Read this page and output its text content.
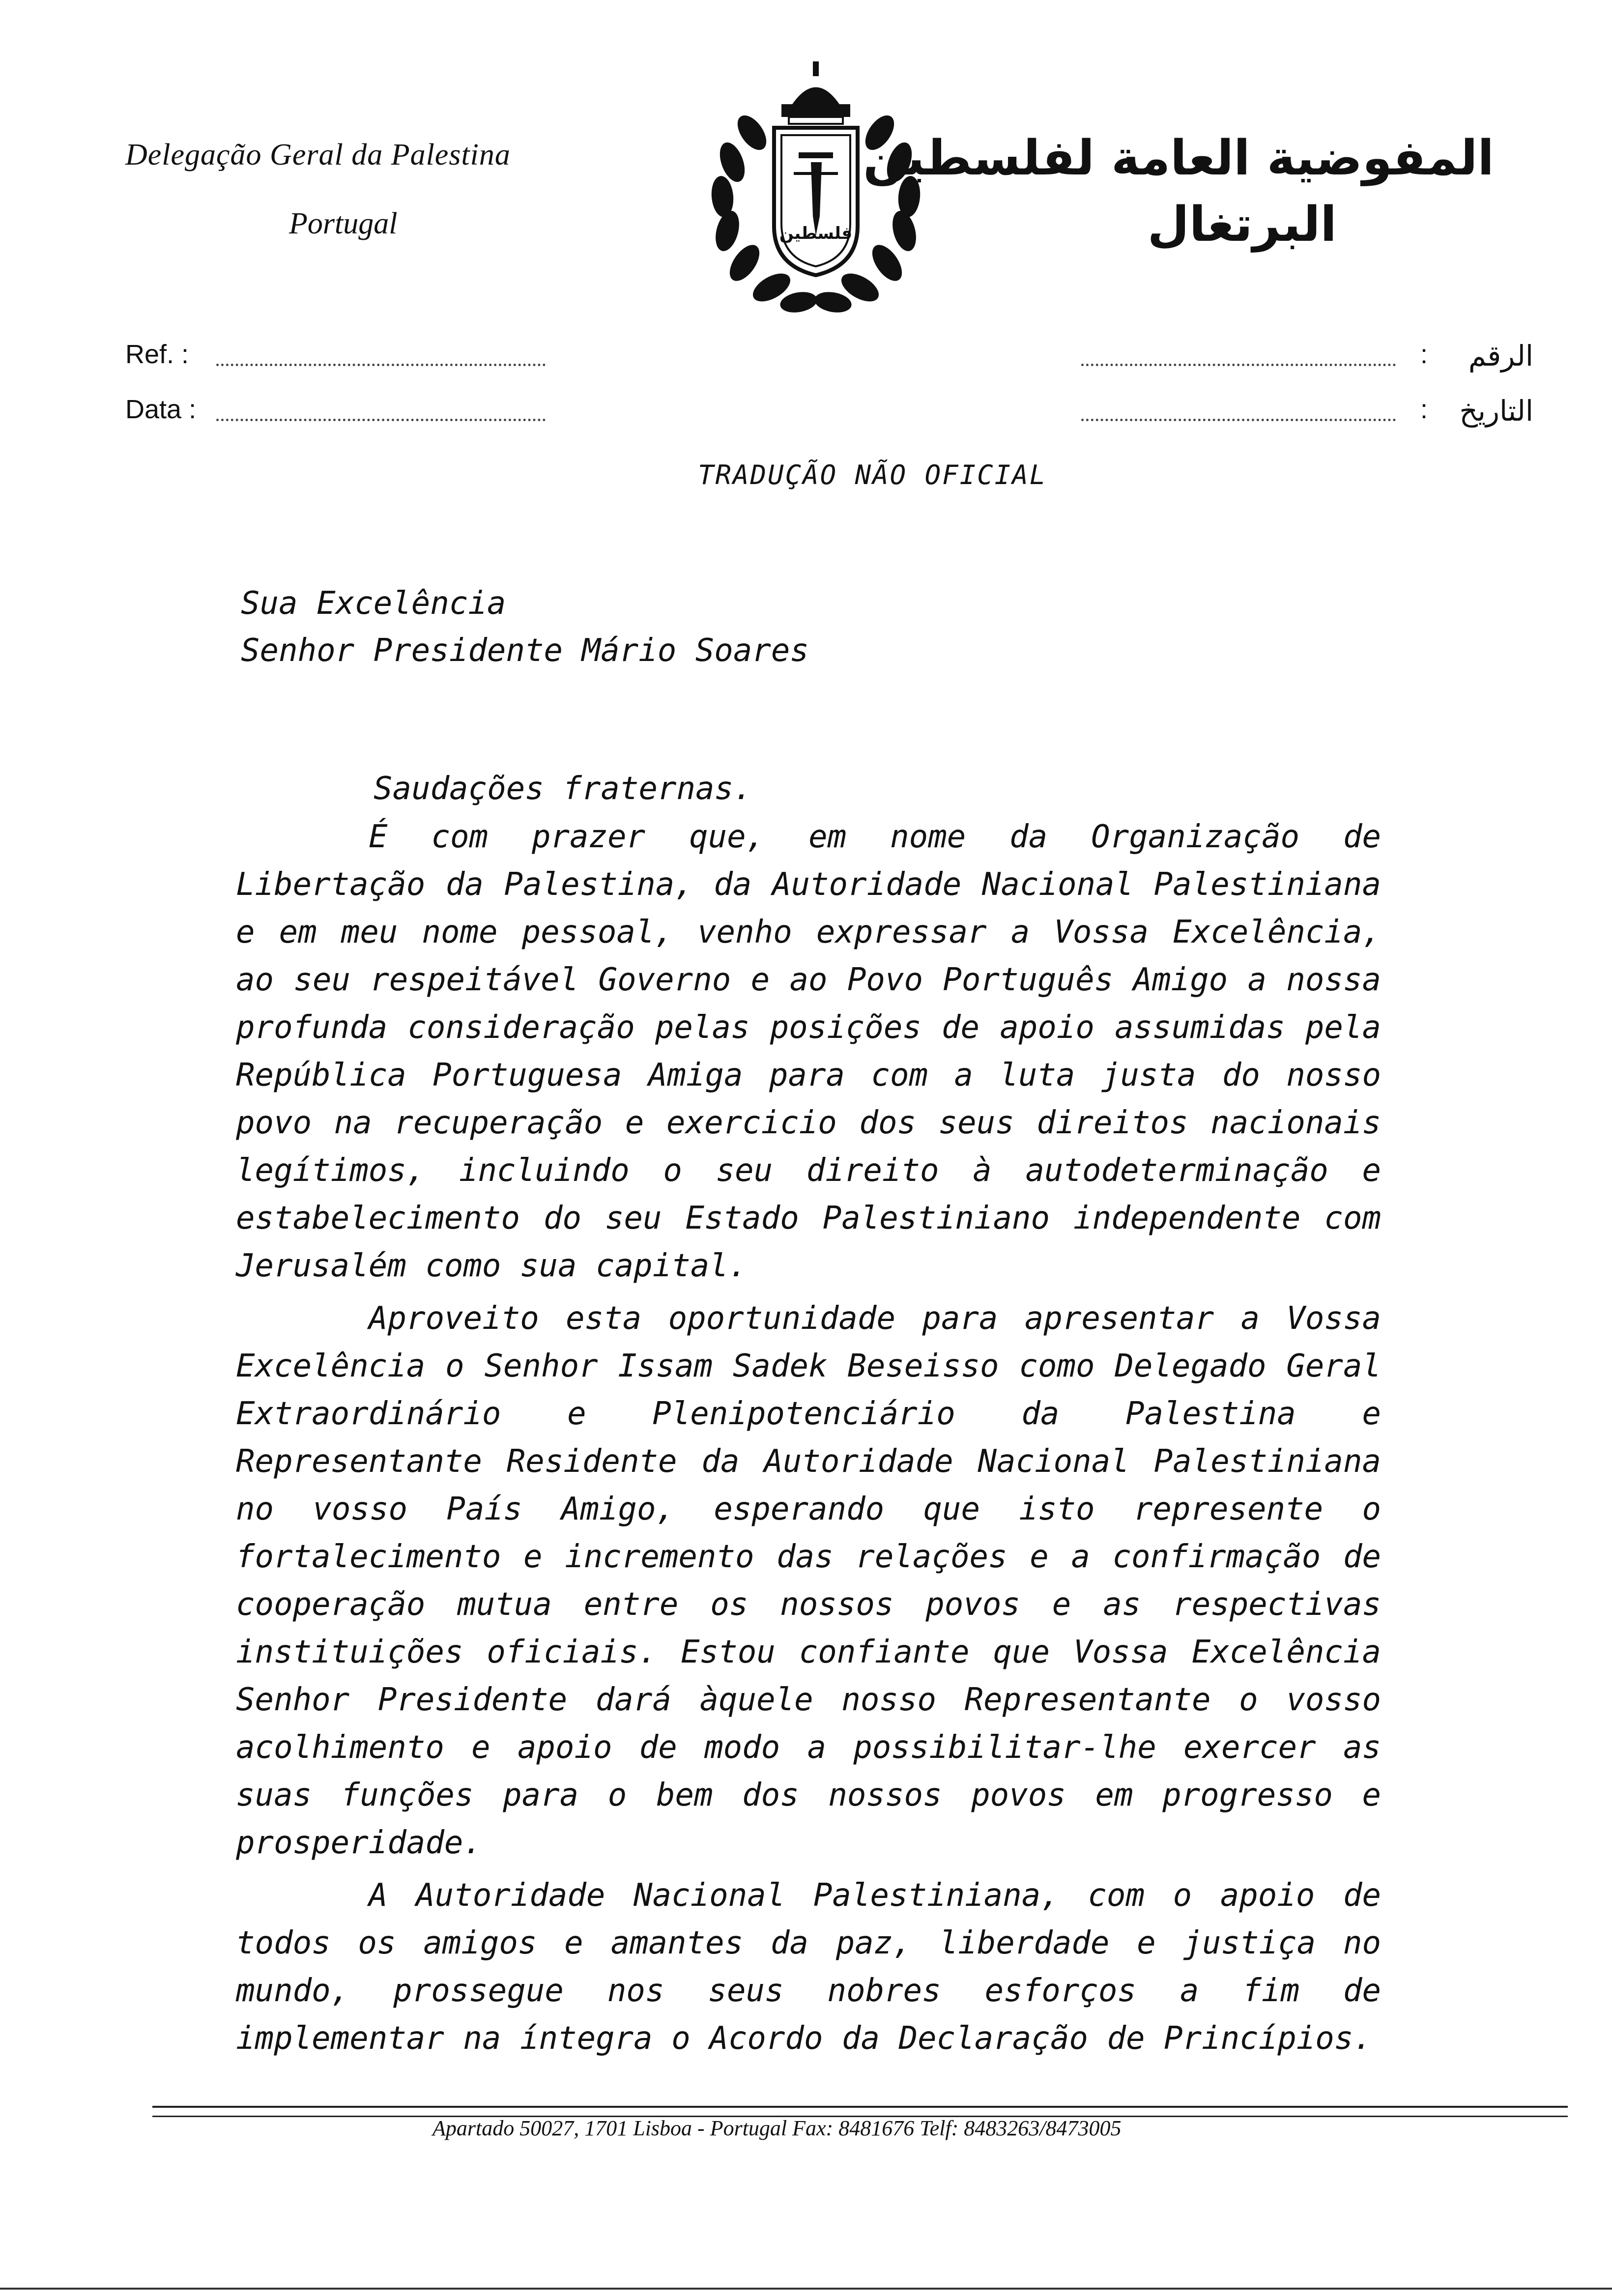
Delegação Geral da Palestina
Portugal	فلسطين
المفوضية العامة لفلسطين
البرتغال
Ref. :
Data :
: الرقم
: التاريخ
TRADUÇÃO NÃO OFICIAL
Sua Excelência
Senhor Presidente Mário Soares
Saudações fraternas.

É com prazer que, em nome da Organização de Libertação da Palestina, da Autoridade Nacional Palestiniana e em meu nome pessoal, venho expressar a Vossa Excelência, ao seu respeitável Governo e ao Povo Português Amigo a nossa profunda consideração pelas posições de apoio assumidas pela República Portuguesa Amiga para com a luta justa do nosso povo na recuperação e exercicio dos seus direitos nacionais legítimos, incluindo o seu direito à autodeterminação e estabelecimento do seu Estado Palestiniano independente com Jerusalém como sua capital.

Aproveito esta oportunidade para apresentar a Vossa Excelência o Senhor Issam Sadek Beseisso como Delegado Geral Extraordinário e Plenipotenciário da Palestina e Representante Residente da Autoridade Nacional Palestiniana no vosso País Amigo, esperando que isto represente o fortalecimento e incremento das relações e a confirmação de cooperação mutua entre os nossos povos e as respectivas instituições oficiais. Estou confiante que Vossa Excelência Senhor Presidente dará àquele nosso Representante o vosso acolhimento e apoio de modo a possibilitar-lhe exercer as suas funções para o bem dos nossos povos em progresso e prosperidade.

A Autoridade Nacional Palestiniana, com o apoio de todos os amigos e amantes da paz, liberdade e justiça no mundo, prossegue nos seus nobres esforços a fim de implementar na íntegra o Acordo da Declaração de Princípios.

Apartado 50027, 1701 Lisboa - Portugal Fax: 8481676 Telf: 8483263/8473005
